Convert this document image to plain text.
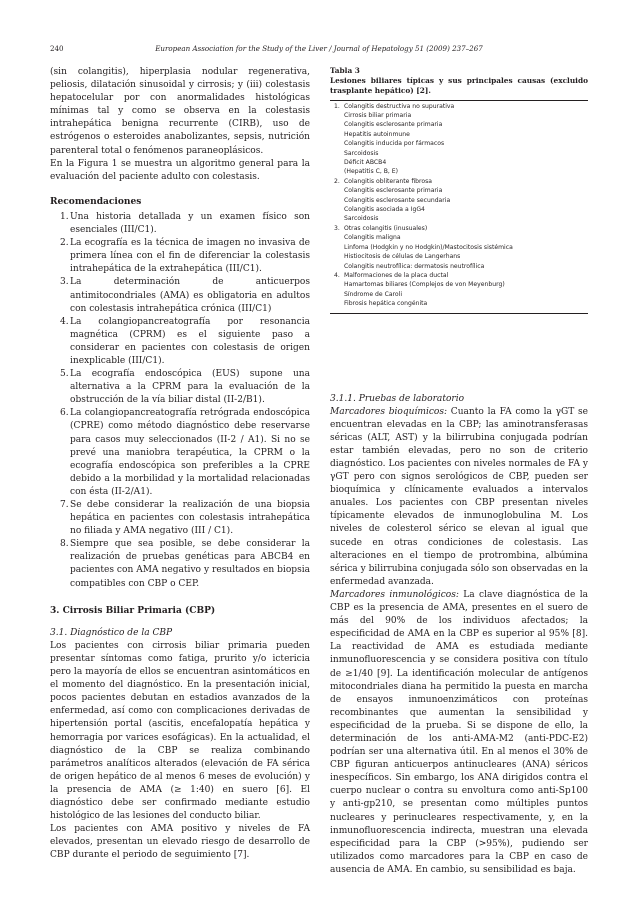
240	European Association for the Study of the Liver / Journal of Hepatology 51 (2009) 237–267

(sin colangitis), hiperplasia nodular regenerativa, peliosis, dilatación sinusoidal y cirrosis; y (iii) colestasis hepatocelular por con anormalidades histológicas mínimas tal y como se observa en la colestasis intrahepática benigna recurrente (CIRB), uso de estrógenos o esteroides anabolizantes, sepsis, nutrición parenteral total o fenómenos paraneoplásicos.

En la Figura 1 se muestra un algoritmo general para la evaluación del paciente adulto con colestasis.

Recomendaciones

1. Una historia detallada y un examen físico son esenciales (III/C1).
2. La ecografía es la técnica de imagen no invasiva de primera línea con el fin de diferenciar la colestasis intrahepática de la extrahepática (III/C1).
3. La determinación de anticuerpos antimitocondriales (AMA) es obligatoria en adultos con colestasis intrahepática crónica (III/C1)
4. La colangiopancreatografía por resonancia magnética (CPRM) es el siguiente paso a considerar en pacientes con colestasis de origen inexplicable (III/C1).
5. La ecografía endoscópica (EUS) supone una alternativa a la CPRM para la evaluación de la obstrucción de la vía biliar distal (II-2/B1).
6. La colangiopancreatografía retrógrada endoscópica (CPRE) como método diagnóstico debe reservarse para casos muy seleccionados (II-2 / A1). Si no se prevé una maniobra terapéutica, la CPRM o la ecografía endoscópica son preferibles a la CPRE debido a la morbilidad y la mortalidad relacionadas con ésta (II-2/A1).
7. Se debe considerar la realización de una biopsia hepática en pacientes con colestasis intrahepática no filiada y AMA negativo (III / C1).
8. Siempre que sea posible, se debe considerar la realización de pruebas genéticas para ABCB4 en pacientes con AMA negativo y resultados en biopsia compatibles con CBP o CEP.

3. Cirrosis Biliar Primaria (CBP)

3.1. Diagnóstico de la CBP

Los pacientes con cirrosis biliar primaria pueden presentar síntomas como fatiga, prurito y/o ictericia pero la mayoría de ellos se encuentran asintomáticos en el momento del diagnóstico. En la presentación inicial, pocos pacientes debutan en estadios avanzados de la enfermedad, así como con complicaciones derivadas de hipertensión portal (ascitis, encefalopatía hepática y hemorragia por varices esofágicas). En la actualidad, el diagnóstico de la CBP se realiza combinando parámetros analíticos alterados (elevación de FA sérica de origen hepático de al menos 6 meses de evolución) y la presencia de AMA (≥ 1:40) en suero [6]. El diagnóstico debe ser confirmado mediante estudio histológico de las lesiones del conducto biliar.

Los pacientes con AMA positivo y niveles de FA elevados, presentan un elevado riesgo de desarrollo de CBP durante el periodo de seguimiento [7].

Tabla 3
Lesiones biliares típicas y sus principales causas (excluido trasplante hepático) [2].
1. Colangitis destructiva no supurativa
Cirrosis biliar primaria
Colangitis esclerosante primaria
Hepatitis autoinmune
Colangitis inducida por fármacos
Sarcoidosis
Déficit ABCB4
(Hepatitis C, B, E)
2. Colangitis obliterante fibrosa
Colangitis esclerosante primaria
Colangitis esclerosante secundaria
Colangitis asociada a IgG4
Sarcoidosis
3. Otras colangitis (inusuales)
Colangitis maligna
Linfoma (Hodgkin y no Hodgkin)/Mastocitosis sistémica
Histiocitosis de células de Langerhans
Colangitis neutrofílica: dermatosis neutrofílica
4. Malformaciones de la placa ductal
Hamartomas biliares (Complejos de von Meyenburg)
Síndrome de Caroli
Fibrosis hepática congénita

3.1.1. Pruebas de laboratorio

Marcadores bioquímicos: Cuanto la FA como la γGT se encuentran elevadas en la CBP; las aminotransferasas séricas (ALT, AST) y la bilirrubina conjugada podrían estar también elevadas, pero no son de criterio diagnóstico. Los pacientes con niveles normales de FA y γGT pero con signos serológicos de CBP, pueden ser bioquímica y clínicamente evaluados a intervalos anuales. Los pacientes con CBP presentan niveles típicamente elevados de inmunoglobulina M. Los niveles de colesterol sérico se elevan al igual que sucede en otras condiciones de colestasis. Las alteraciones en el tiempo de protrombina, albúmina sérica y bilirrubina conjugada sólo son observadas en la enfermedad avanzada.

Marcadores inmunológicos: La clave diagnóstica de la CBP es la presencia de AMA, presentes en el suero de más del 90% de los individuos afectados; la especificidad de AMA en la CBP es superior al 95% [8]. La reactividad de AMA es estudiada mediante inmunofluorescencia y se considera positiva con título de ≥1/40 [9]. La identificación molecular de antígenos mitocondriales diana ha permitido la puesta en marcha de ensayos inmunoenzimáticos con proteínas recombinantes que aumentan la sensibilidad y especificidad de la prueba. Si se dispone de ello, la determinación de los anti-AMA-M2 (anti-PDC-E2) podrían ser una alternativa útil. En al menos el 30% de CBP figuran anticuerpos antinucleares (ANA) séricos inespecíficos. Sin embargo, los ANA dirigidos contra el cuerpo nuclear o contra su envoltura como anti-Sp100 y anti-gp210, se presentan como múltiples puntos nucleares y perinucleares respectivamente, y, en la inmunofluorescencia indirecta, muestran una elevada especificidad para la CBP (>95%), pudiendo ser utilizados como marcadores para la CBP en caso de ausencia de AMA. En cambio, su sensibilidad es baja.
